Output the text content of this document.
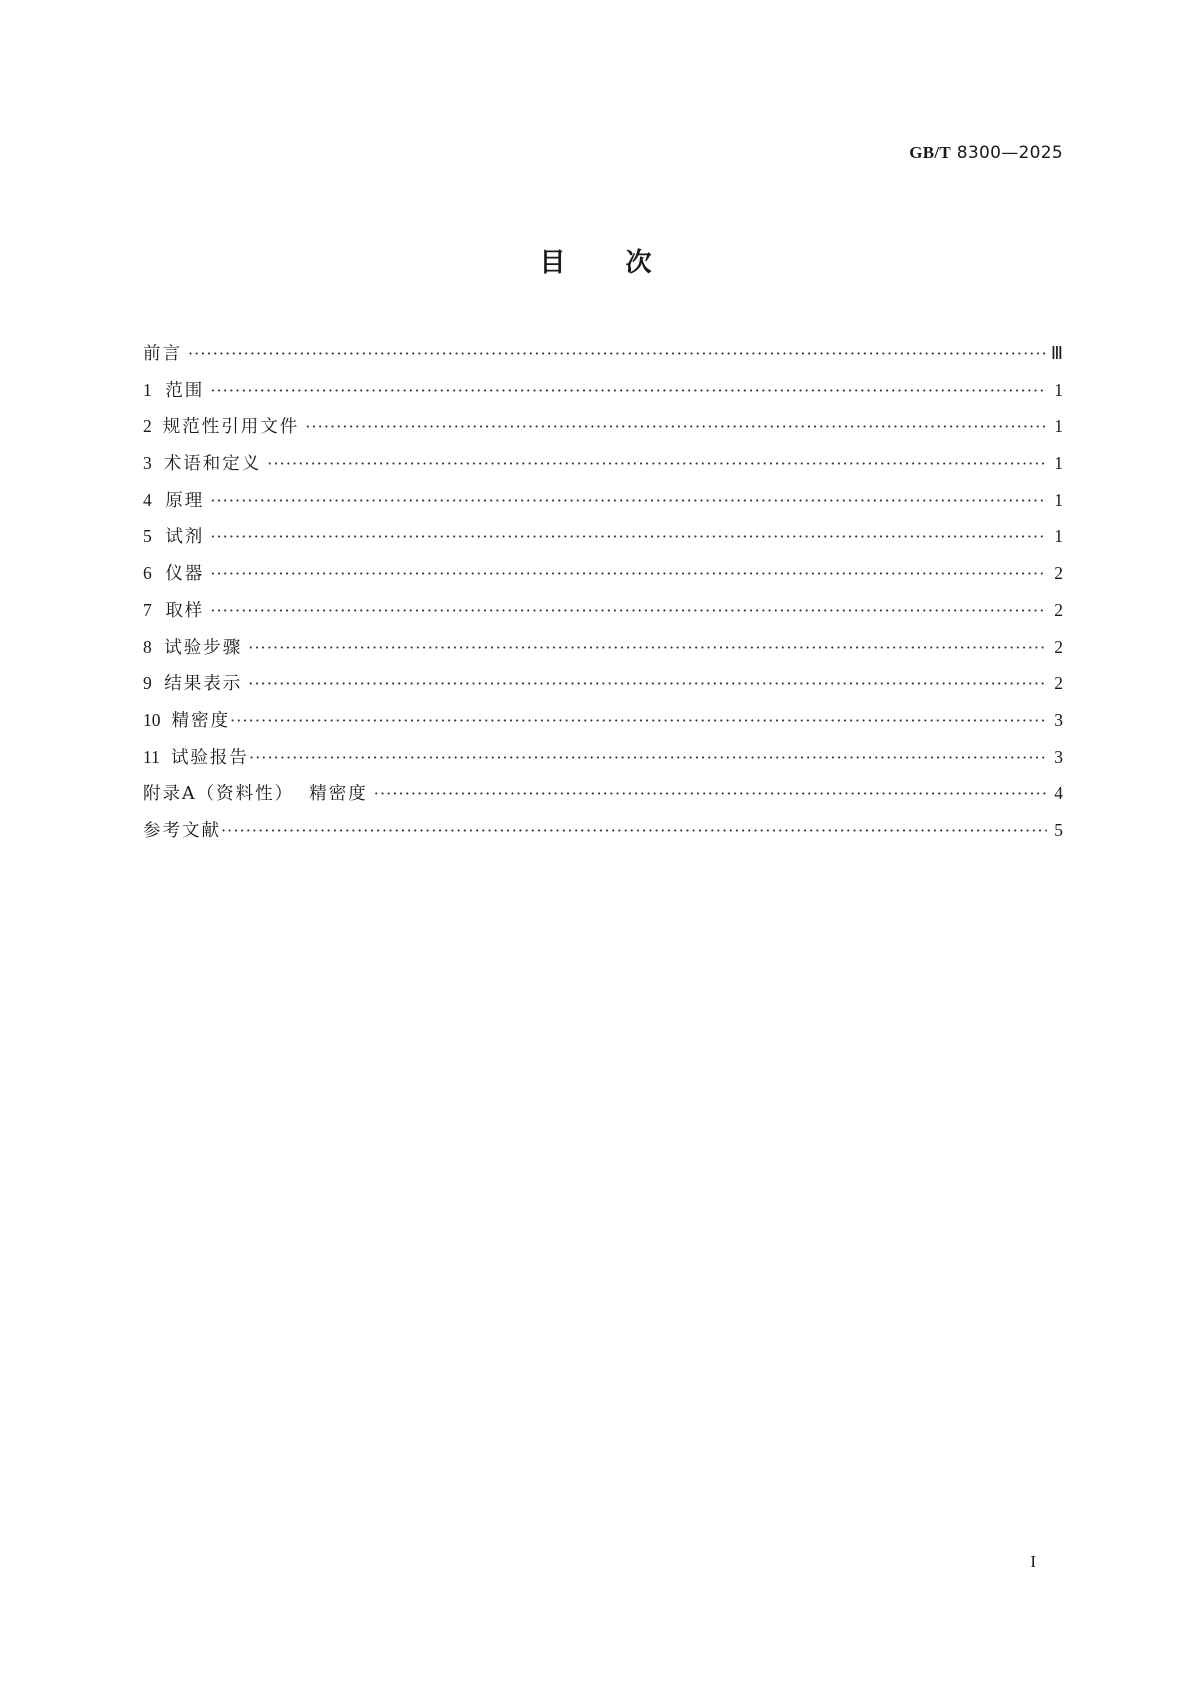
GB/T 8300—2025
目次
前言 ·····	Ⅲ
1 范围 ·····	1
2 规范性引用文件 ·····	1
3 术语和定义 ·····	1
4 原理 ·····	1
5 试剂 ·····	1
6 仪器 ·····	2
7 取样 ·····	2
8 试验步骤 ·····	2
9 结果表示 ·····	2
10 精密度 ·····	3
11 试验报告 ·····	3
附录A（资料性）  精密度 ·····	4
参考文献 ·····	5
I
